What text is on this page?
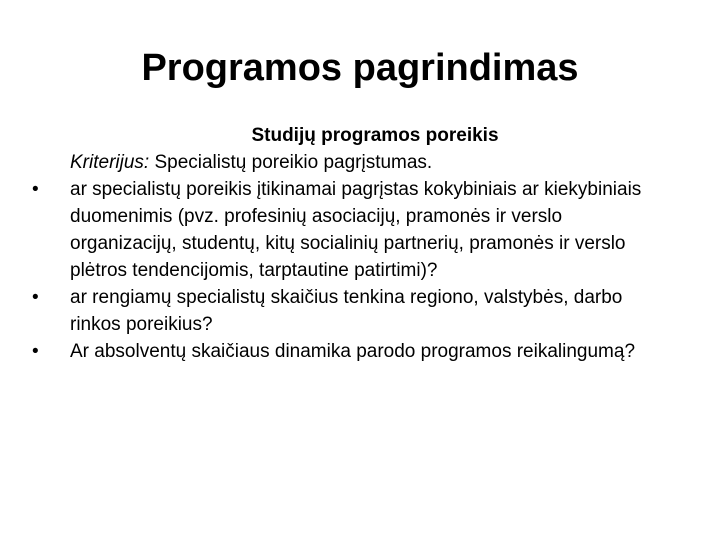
Programos pagrindimas

Studijų programos poreikis

Kriterijus: Specialistų poreikio pagrįstumas.

• ar specialistų poreikis įtikinamai pagrįstas kokybiniais ar kiekybiniais duomenimis (pvz. profesinių asociacijų, pramonės ir verslo organizacijų, studentų, kitų socialinių partnerių, pramonės ir verslo plėtros tendencijomis, tarptautine patirtimi)?
• ar rengiamų specialistų skaičius tenkina regiono, valstybės, darbo rinkos poreikius?
• Ar absolventų skaičiaus dinamika parodo programos reikalingumą?
